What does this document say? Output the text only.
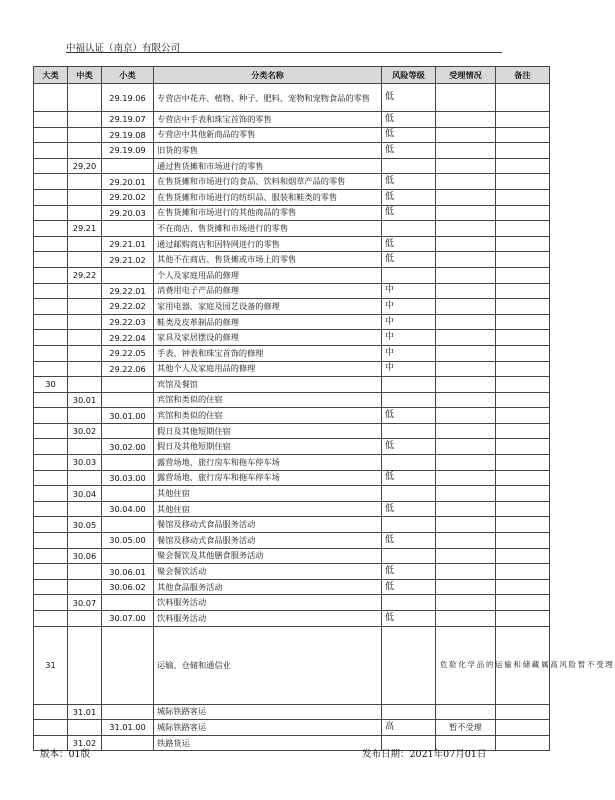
中福认证（南京）有限公司
大类	中类	小类	分类名称	风险等级	受理情况	备注
		29.19.06	专营店中花卉、植物、种子、肥料、宠物和宠物食品的零售	低		
		29.19.07	专营店中手表和珠宝首饰的零售	低		
		29.19.08	专营店中其他新商品的零售	低		
		29.19.09	旧货的零售	低		
	29.20		通过售货摊和市场进行的零售			
		29.20.01	在售货摊和市场进行的食品、饮料和烟草产品的零售	低		
		29.20.02	在售货摊和市场进行的纺织品、服装和鞋类的零售	低		
		29.20.03	在售货摊和市场进行的其他商品的零售	低		
	29.21		不在商店、售货摊和市场进行的零售			
		29.21.01	通过邮购商店和因特网进行的零售	低		
		29.21.02	其他不在商店、售货摊或市场上的零售	低		
	29.22		个人及家庭用品的修理			
		29.22.01	消费用电子产品的修理	中		
		29.22.02	家用电器、家庭及园艺设备的修理	中		
		29.22.03	鞋类及皮革制品的修理	中		
		29.22.04	家具及家居摆设的修理	中		
		29.22.05	手表、钟表和珠宝首饰的修理	中		
		29.22.06	其他个人及家庭用品的修理	中		
30			宾馆及餐馆			
	30.01		宾馆和类似的住宿			
		30.01.00	宾馆和类似的住宿	低		
	30.02		假日及其他短期住宿			
		30.02.00	假日及其他短期住宿	低		
	30.03		露营场地、旅行房车和拖车停车场			
		30.03.00	露营场地、旅行房车和拖车停车场	低		
	30.04		其他住宿			
		30.04.00	其他住宿	低		
	30.05		餐馆及移动式食品服务活动			
		30.05.00	餐馆及移动式食品服务活动	低		
	30.06		聚会餐饮及其他膳食服务活动			
		30.06.01	聚会餐饮活动	低		
		30.06.02	其他食品服务活动	低		
	30.07		饮料服务活动			
		30.07.00	饮料服务活动	低		
31			运输、仓储和通信业		危险化学品的运输和储藏属高风险暂不受理	
	31.01		城际铁路客运			
		31.01.00	城际铁路客运	高	暂不受理	
	31.02		铁路货运			
版本：01版	发布日期：2021年07月01日
